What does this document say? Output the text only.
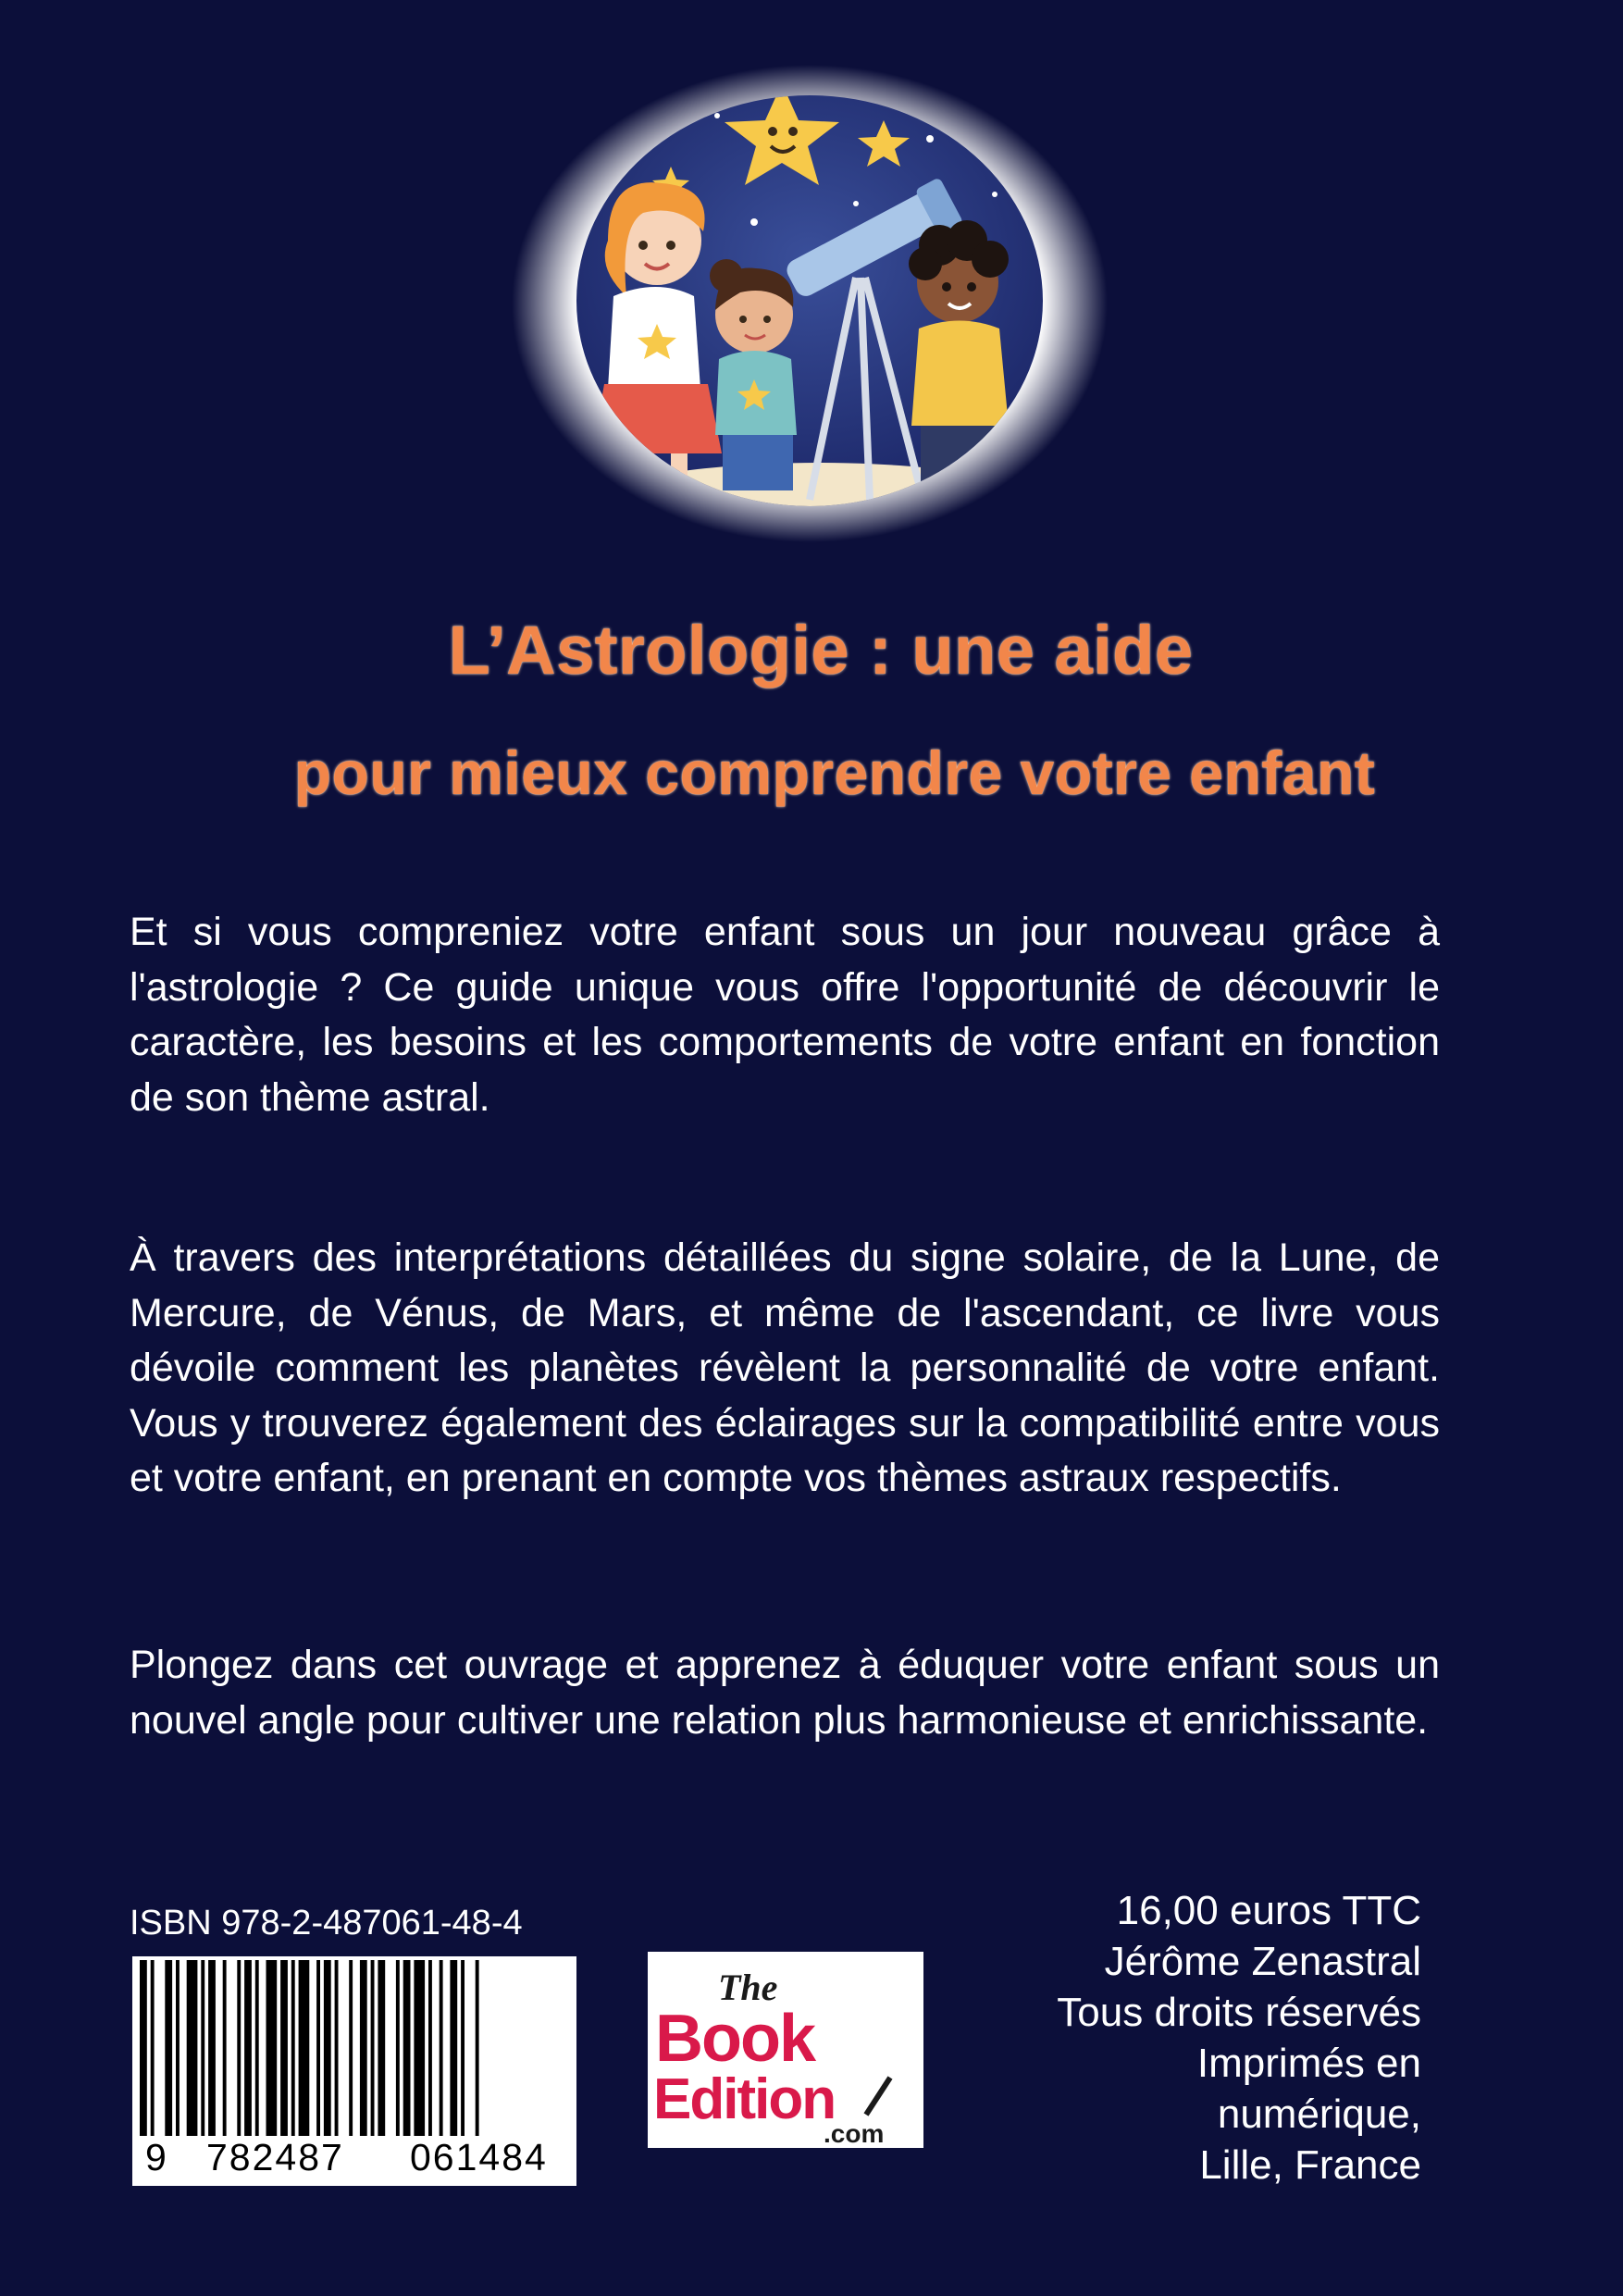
L’Astrologie : une aide
pour mieux comprendre votre enfant
Et si vous compreniez votre enfant sous un jour nouveau grâce à l'astrologie ? Ce guide unique vous offre l'opportunité de découvrir le caractère, les besoins et les comportements de votre enfant en fonction de son thème astral.
À travers des interprétations détaillées du signe solaire, de la Lune, de Mercure, de Vénus, de Mars, et même de l'ascendant, ce livre vous dévoile comment les planètes révèlent la personnalité de votre enfant. Vous y trouverez également des éclairages sur la compatibilité entre vous et votre enfant, en prenant en compte vos thèmes astraux respectifs.
Plongez dans cet ouvrage et apprenez à éduquer votre enfant sous un nouvel angle pour cultiver une relation plus harmonieuse et enrichissante.
ISBN 978-2-487061-48-4
9 782487 061484
The
Book
Edition
.com
16,00 euros TTC
Jérôme Zenastral
Tous droits réservés
Imprimés en
numérique,
Lille, France
